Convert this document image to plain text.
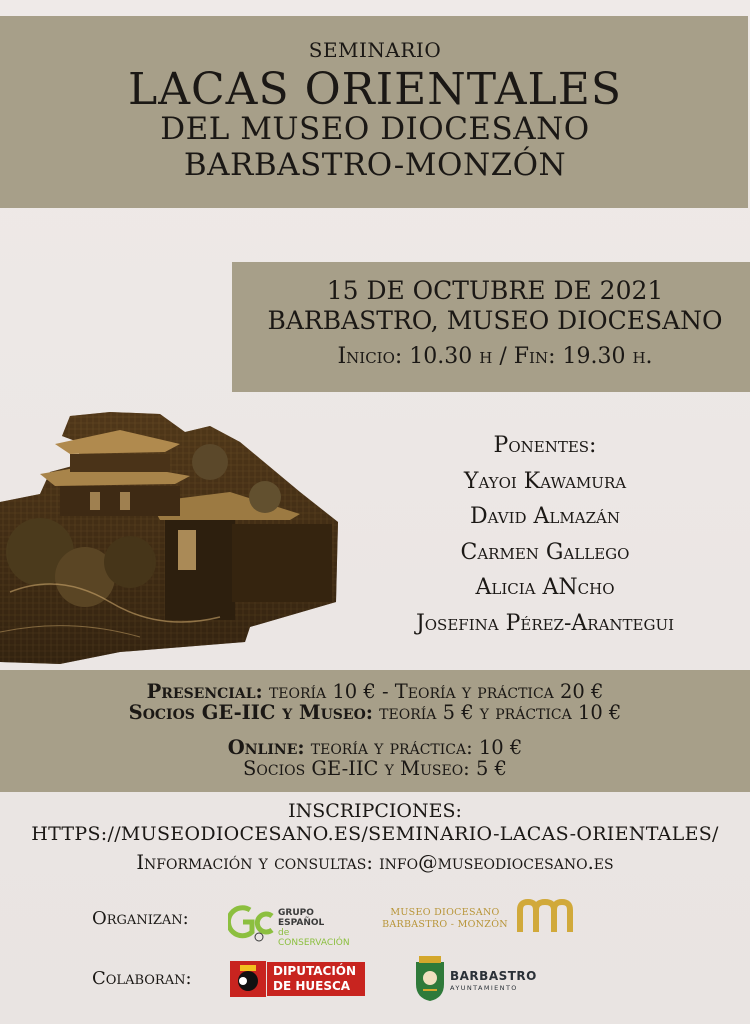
SEMINARIO
LACAS ORIENTALES
DEL MUSEO DIOCESANO
BARBASTRO-MONZÓN
15 DE OCTUBRE DE 2021
BARBASTRO, MUSEO DIOCESANO
Inicio: 10.30 h / Fin: 19.30 h.
Ponentes:
Yayoi Kawamura
David Almazán
Carmen Gallego
Alicia ANcho
Josefina Pérez-Arantegui
Presencial: teoría 10 € - Teoría y práctica 20 €
Socios GE-IIC y Museo: teoría 5 € y práctica 10 €
Online: teoría y práctica: 10 €
Socios GE-IIC y Museo: 5 €
INSCRIPCIONES:
HTTPS://MUSEODIOCESANO.ES/SEMINARIO-LACAS-ORIENTALES/
Información y consultas: info@museodiocesano.es
Organizan:	GRUPO ESPAÑOL
de CONSERVACIÓN
MUSEO DIOCESANO
BARBASTRO - MONZÓN
Colaboran:	DIPUTACIÓN
DE HUESCA
BARBASTRO
AYUNTAMIENTO
